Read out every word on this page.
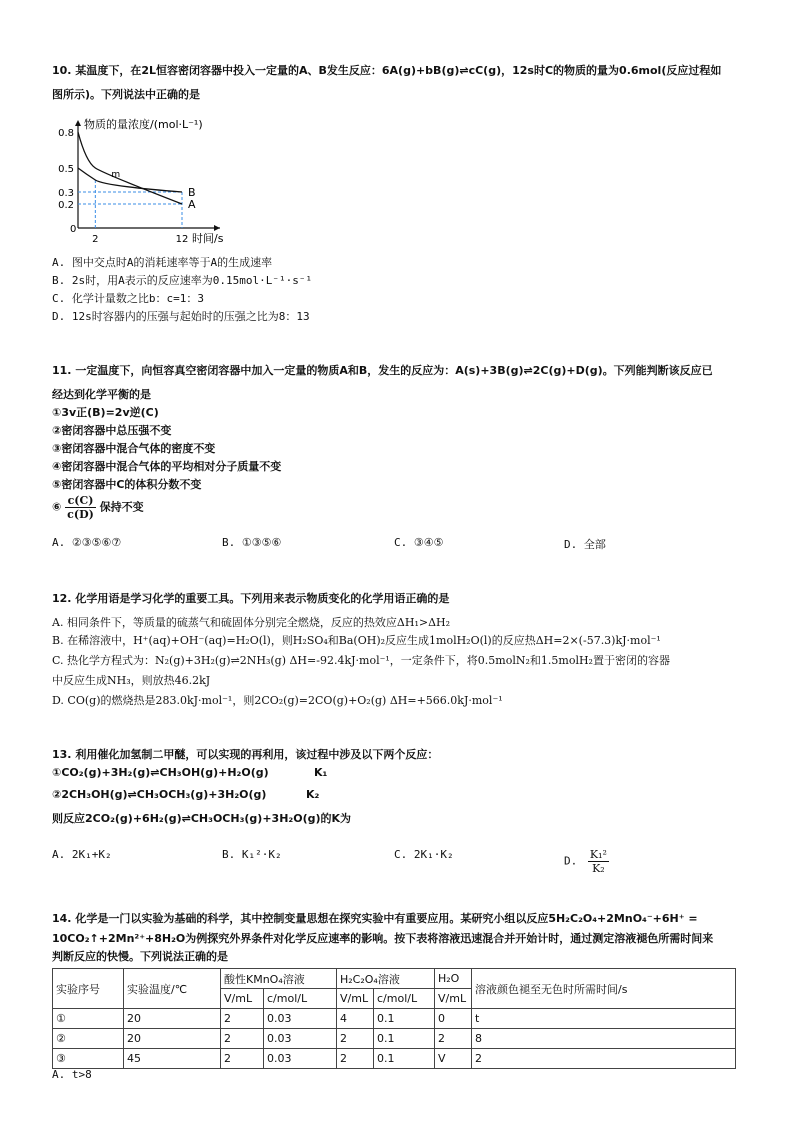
10. 某温度下，在2L恒容密闭容器中投入一定量的A、B发生反应：6A(g)+bB(g)⇌cC(g)，12s时C的物质的量为0.6mol(反应过程如
图所示)。下列说法中正确的是
物质的量浓度/(mol·L⁻¹)
时间/s
0.8
0.5
0.3
0.2
0
2	12
A
B
m
A. 图中交点时A的消耗速率等于A的生成速率
B. 2s时，用A表示的反应速率为0.15mol·L⁻¹·s⁻¹
C. 化学计量数之比b：c=1：3
D. 12s时容器内的压强与起始时的压强之比为8：13
11. 一定温度下，向恒容真空密闭容器中加入一定量的物质A和B，发生的反应为：A(s)+3B(g)⇌2C(g)+D(g)。下列能判断该反应已
经达到化学平衡的是
①3v正(B)=2v逆(C)
②密闭容器中总压强不变
③密闭容器中混合气体的密度不变
④密闭容器中混合气体的平均相对分子质量不变
⑤密闭容器中C的体积分数不变
⑥ $\frac{c(C)}{c(D)}$ 保持不变
A. ②③⑤⑥⑦	B. ①③⑤⑥	C. ③④⑤	D. 全部
12. 化学用语是学习化学的重要工具。下列用来表示物质变化的化学用语正确的是
A. 相同条件下，等质量的硫蒸气和硫固体分别完全燃烧，反应的热效应ΔH₁>ΔH₂
B. 在稀溶液中，H⁺(aq)+OH⁻(aq)=H₂O(l)，则H₂SO₄和Ba(OH)₂反应生成1molH₂O(l)的反应热ΔH=2×(-57.3)kJ·mol⁻¹
C. 热化学方程式为：N₂(g)+3H₂(g)⇌2NH₃(g) ΔH=-92.4kJ·mol⁻¹，一定条件下，将0.5molN₂和1.5molH₂置于密闭的容器
中反应生成NH₃，则放热46.2kJ
D. CO(g)的燃烧热是283.0kJ·mol⁻¹，则2CO₂(g)=2CO(g)+O₂(g) ΔH=+566.0kJ·mol⁻¹
13. 利用催化加氢制二甲醚，可以实现的再利用，该过程中涉及以下两个反应：
①CO₂(g)+3H₂(g)⇌CH₃OH(g)+H₂O(g)	K₁
②2CH₃OH(g)⇌CH₃OCH₃(g)+3H₂O(g)	K₂
则反应2CO₂(g)+6H₂(g)⇌CH₃OCH₃(g)+3H₂O(g)的K为
A. 2K₁+K₂	B. K₁²·K₂	C. 2K₁·K₂	D. $\frac{\text{K₁²}}{\text{K₂}}$
14. 化学是一门以实验为基础的科学，其中控制变量思想在探究实验中有重要应用。某研究小组以反应5H₂C₂O₄+2MnO₄⁻+6H⁺ =
10CO₂↑+2Mn²⁺+8H₂O为例探究外界条件对化学反应速率的影响。按下表将溶液迅速混合并开始计时，通过测定溶液褪色所需时间来
判断反应的快慢。下列说法正确的是
实验序号	实验温度/℃	酸性KMnO₄溶液		H₂C₂O₄溶液		H₂O	溶液颜色褪至无色时所需时间/s
		V/mL	c/mol/L	V/mL	c/mol/L	V/mL	
①	20	2	0.03	4	0.1	0	t
②	20	2	0.03	2	0.1	2	8
③	45	2	0.03	2	0.1	V	2
A. t>8
